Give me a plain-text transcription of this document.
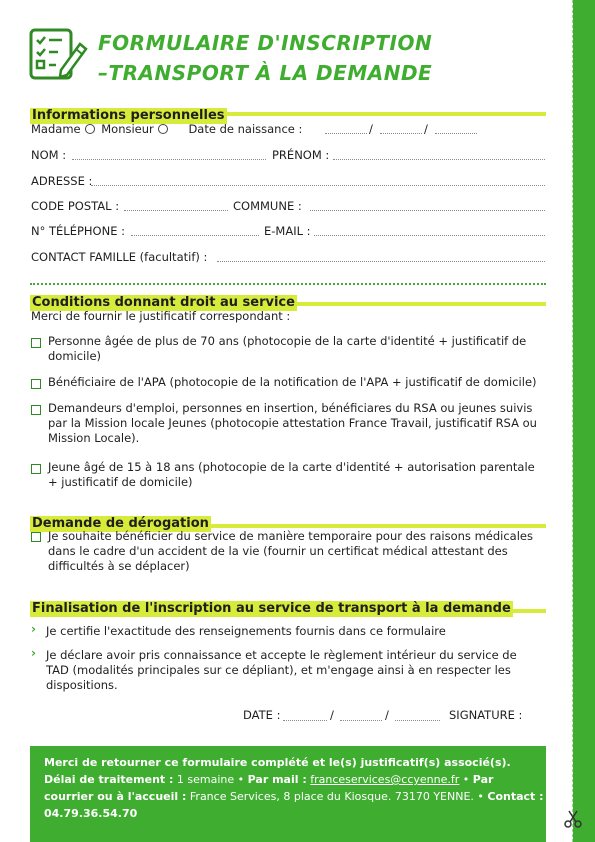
FORMULAIRE D'INSCRIPTION
–TRANSPORT À LA DEMANDE
Informations personnelles
Madame Monsieur	Date de naissance :	/	/
NOM :	PRÉNOM :
ADRESSE :
CODE POSTAL :	COMMUNE :
N° TÉLÉPHONE :	E-MAIL :
CONTACT FAMILLE (facultatif) :
Conditions donnant droit au service
Merci de fournir le justificatif correspondant :
Personne âgée de plus de 70 ans (photocopie de la carte d'identité + justificatif de domicile)
Bénéficiaire de l'APA (photocopie de la notification de l'APA + justificatif de domicile)
Demandeurs d'emploi, personnes en insertion, bénéficiares du RSA ou jeunes suivis par la Mission locale Jeunes (photocopie attestation France Travail, justificatif RSA ou Mission Locale).
Jeune âgé de 15 à 18 ans (photocopie de la carte d'identité + autorisation parentale + justificatif de domicile)
Demande de dérogation
Je souhaite bénéficier du service de manière temporaire pour des raisons médicales dans le cadre d'un accident de la vie (fournir un certificat médical attestant des difficultés à se déplacer)
Finalisation de l'inscription au service de transport à la demande
› Je certifie l'exactitude des renseignements fournis dans ce formulaire
› Je déclare avoir pris connaissance et accepte le règlement intérieur du service de TAD (modalités principales sur ce dépliant), et m'engage ainsi à en respecter les dispositions.
DATE :	/	/	SIGNATURE :
Merci de retourner ce formulaire complété et le(s) justificatif(s) associé(s).
Délai de traitement : 1 semaine • Par mail : franceservices@ccyenne.fr • Par courrier ou à l'accueil : France Services, 8 place du Kiosque. 73170 YENNE. • Contact : 04.79.36.54.70
